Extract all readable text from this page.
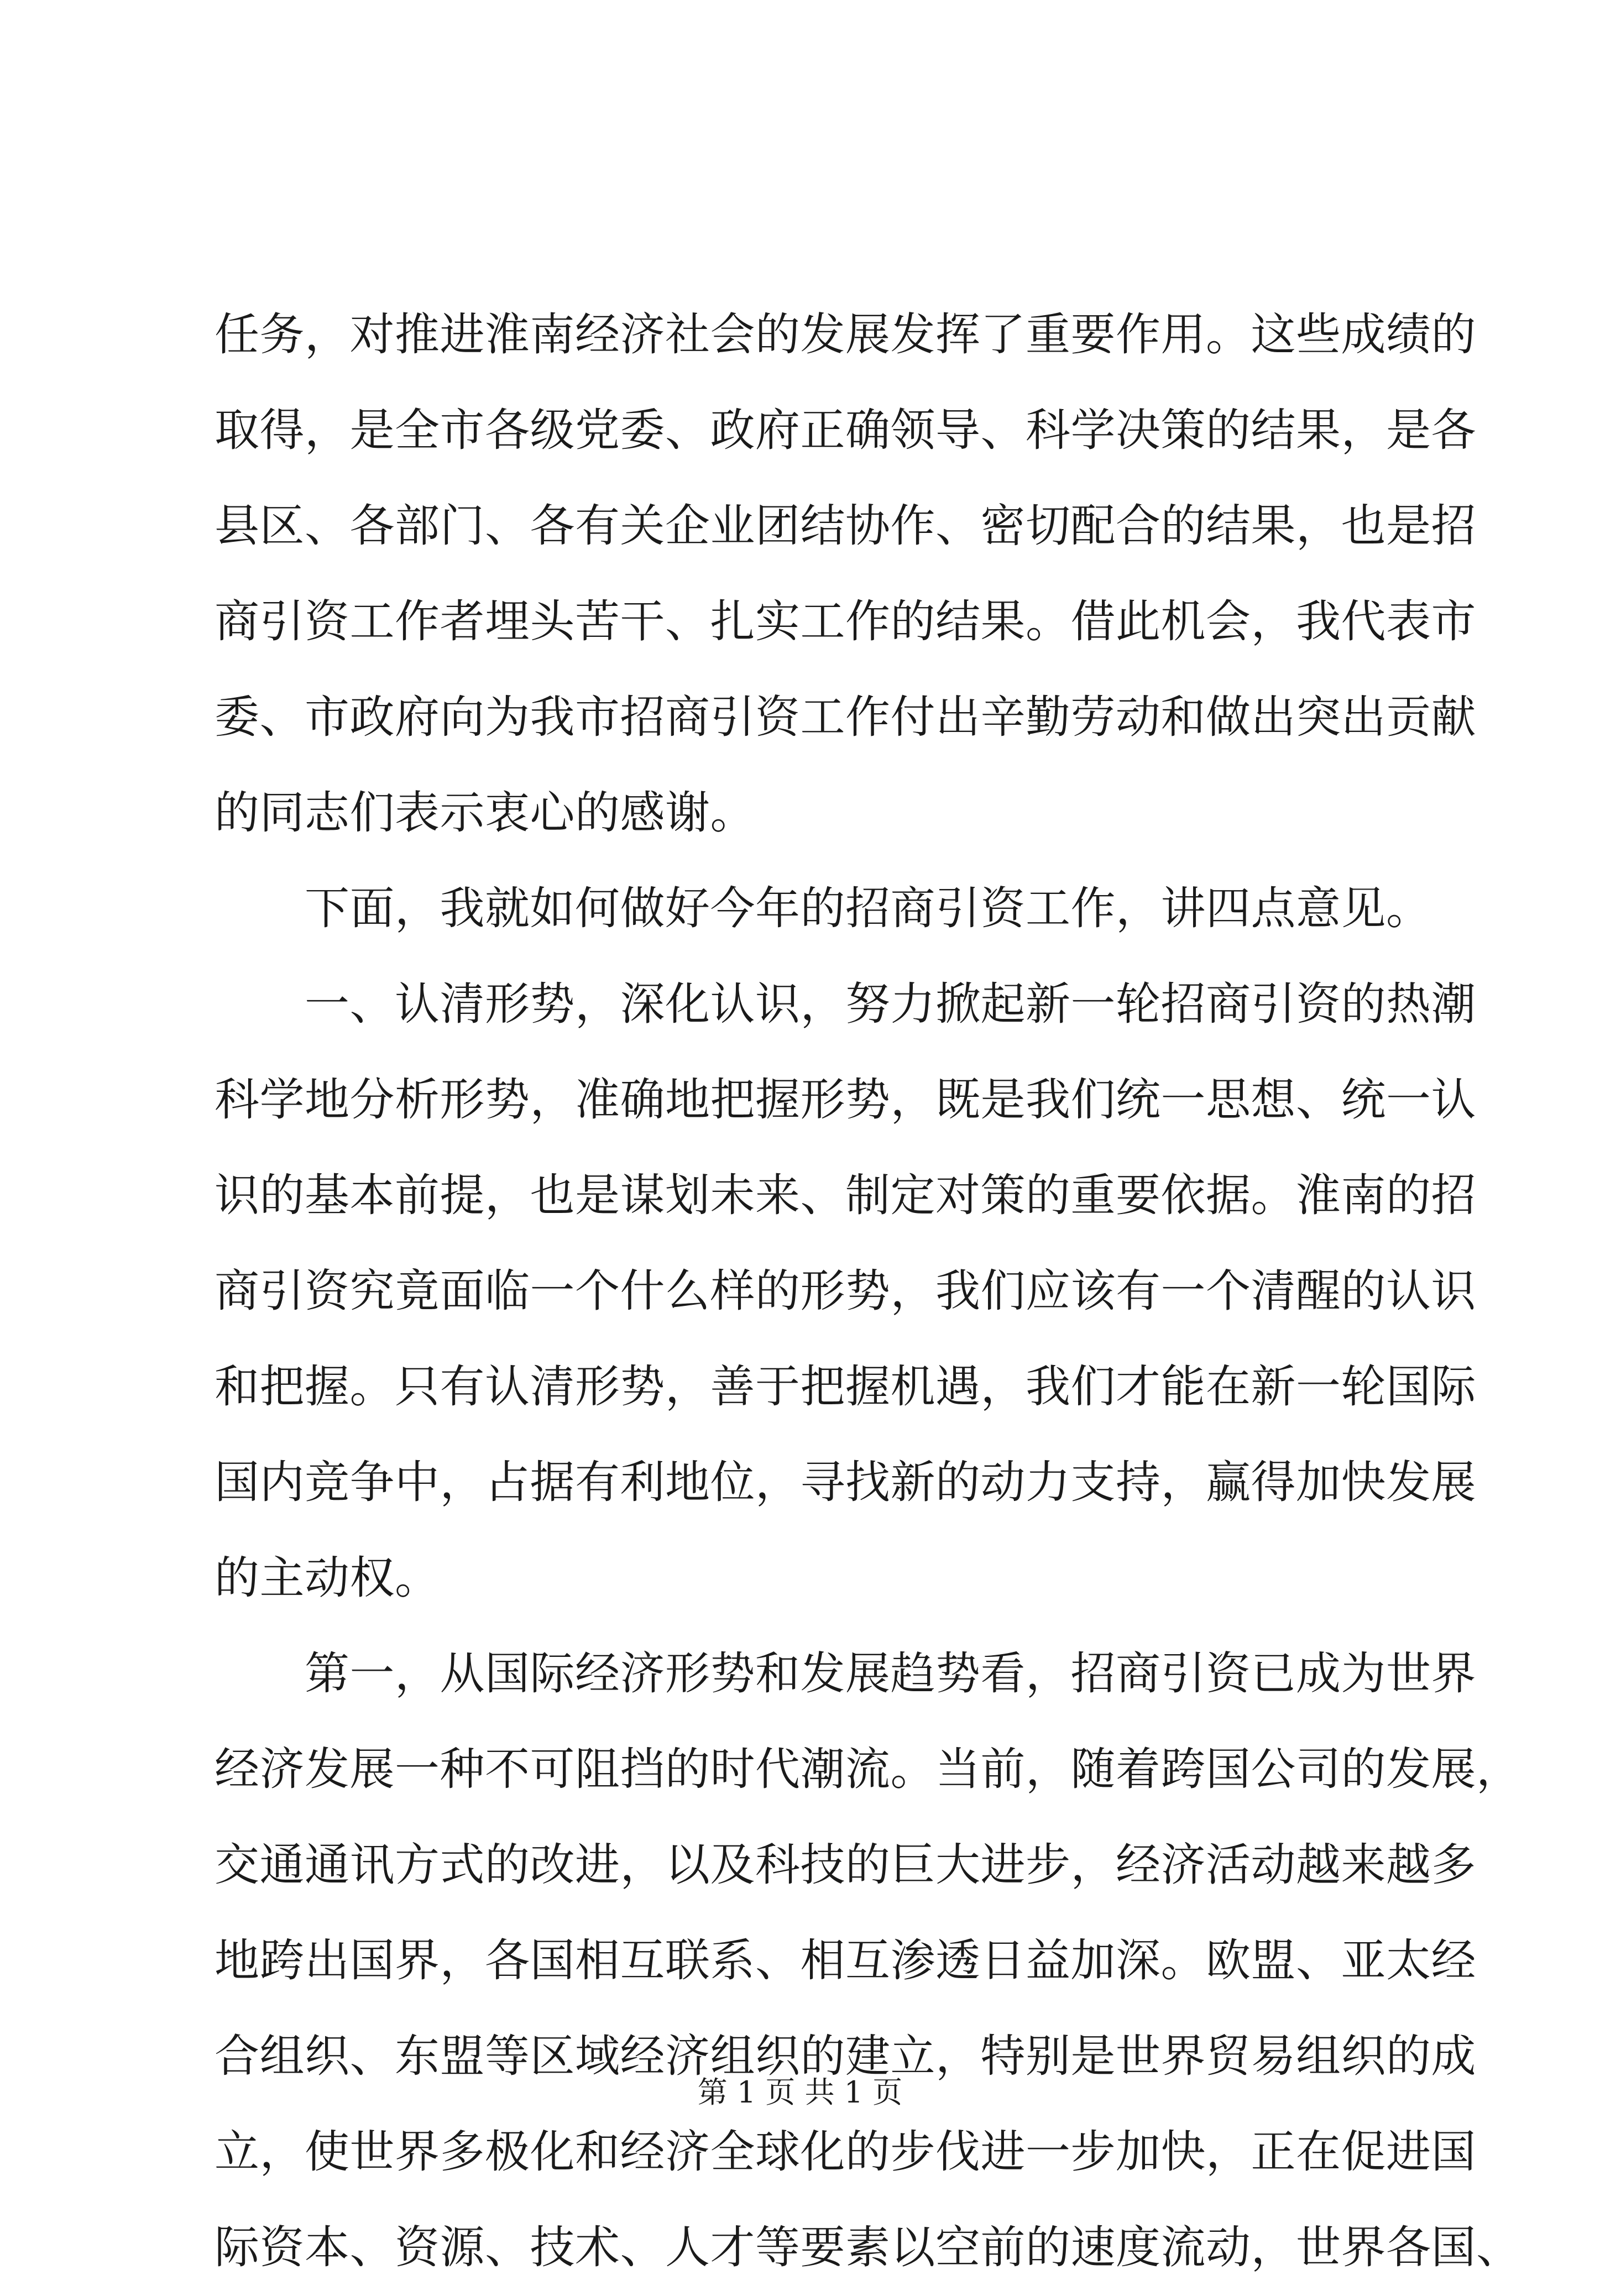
任务，对推进淮南经济社会的发展发挥了重要作用。这些成绩的
取得，是全市各级党委、政府正确领导、科学决策的结果，是各
县区、各部门、各有关企业团结协作、密切配合的结果，也是招
商引资工作者埋头苦干、扎实工作的结果。借此机会，我代表市
委、市政府向为我市招商引资工作付出辛勤劳动和做出突出贡献
的同志们表示衷心的感谢。
　　下面，我就如何做好今年的招商引资工作，讲四点意见。
　　一、认清形势，深化认识，努力掀起新一轮招商引资的热潮
科学地分析形势，准确地把握形势，既是我们统一思想、统一认
识的基本前提，也是谋划未来、制定对策的重要依据。淮南的招
商引资究竟面临一个什么样的形势，我们应该有一个清醒的认识
和把握。只有认清形势，善于把握机遇，我们才能在新一轮国际
国内竞争中，占据有利地位，寻找新的动力支持，赢得加快发展
的主动权。
　　第一，从国际经济形势和发展趋势看，招商引资已成为世界
经济发展一种不可阻挡的时代潮流。当前，随着跨国公司的发展，
交通通讯方式的改进，以及科技的巨大进步，经济活动越来越多
地跨出国界，各国相互联系、相互渗透日益加深。欧盟、亚太经
合组织、东盟等区域经济组织的建立，特别是世界贸易组织的成
立，使世界多极化和经济全球化的步伐进一步加快，正在促进国
际资本、资源、技术、人才等要素以空前的速度流动，世界各国、
第 1 页 共 1 页
